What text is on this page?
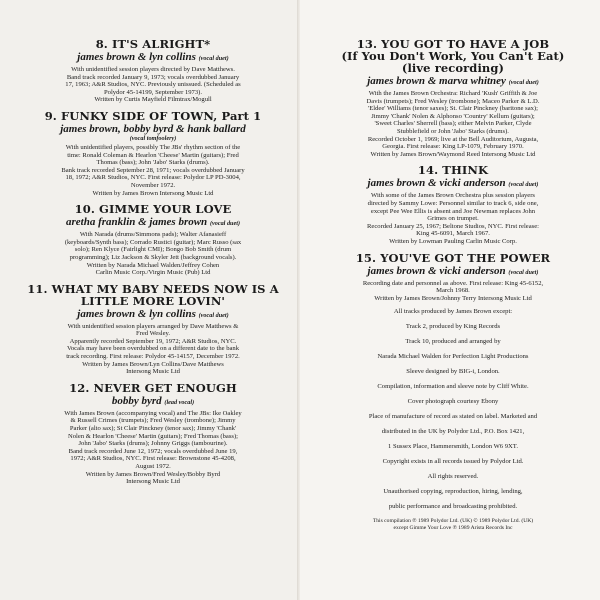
8. IT'S ALRIGHT*
james brown & lyn collins (vocal duet)

With unidentified session players directed by Dave Matthews.

Band track recorded January 9, 1973; vocals overdubbed January

17, 1963; A&R Studios, NYC. Previously unissued. (Scheduled as

Polydor 45-14199, September 1973).

Written by Curtis Mayfield Filmtrax/Mogull

9. FUNKY SIDE OF TOWN, Part 1
james brown, bobby byrd & hank ballard
(vocal tomfoolery)

With unidentified players, possibly The JBs' rhythm section of the

time: Ronald Coleman & Hearlon 'Cheese' Martin (guitars); Fred

Thomas (bass); John 'Jabo' Starks (drums).

Bank track recorded September 28, 1971; vocals overdubbed January

18, 1972; A&R Studios, NYC. First release: Polydor LP PD-3004,

November 1972.

Written by James Brown Intersong Music Ltd

10. GIMME YOUR LOVE
aretha franklin & james brown (vocal duet)

With Narada (drums/Simmons pads); Walter Afanasieff

(keyboards/Synth bass); Corrado Rustici (guitar); Marc Russo (sax

solo); Ren Klyce (Fairlight CMI); Bongo Bob Smith (drum

programming); Liz Jackson & Skyler Jett (background vocals).

Written by Narada Michael Walden/Jeffrey Cohen

Carlin Music Corp./Virgin Music (Pub) Ltd

11. WHAT MY BABY NEEDS NOW IS A LITTLE MORE LOVIN'
james brown & lyn collins (vocal duet)

With unidentified session players arranged by Dave Matthews &

Fred Wesley.

Apparently recorded September 19, 1972; A&R Studios, NYC.

Vocals may have been overdubbed on a different date to the bank

track recording. First release: Polydor 45-14157, December 1972.

Written by James Brown/Lyn Collins/Dave Matthews

Intersong Music Ltd

12. NEVER GET ENOUGH
bobby byrd (lead vocal)

With James Brown (accompanying vocal) and The JBs: Ike Oakley

& Russell Crimes (trumpets); Fred Wesley (trombone); Jimmy

Parker (alto sax); St Clair Pinckney (tenor sax); Jimmy 'Chank'

Nolen & Hearlon 'Cheese' Martin (guitars); Fred Thomas (bass);

John 'Jabo' Starks (drums); Johnny Griggs (tambourine).

Band track recorded June 12, 1972; vocals overdubbed June 19,

1972; A&R Studios, NYC. First release: Brownstone 45-4208,

August 1972.

Written by James Brown/Fred Wesley/Bobby Byrd

Intersong Music Ltd

13. YOU GOT TO HAVE A JOB
(If You Don't Work, You Can't Eat)
(live recording)
james brown & marva whitney (vocal duet)

With the James Brown Orchestra: Richard 'Kush' Griffith & Joe

Davis (trumpets); Fred Wesley (trombone); Maceo Parker & L.D.

'Eldee' Williams (tenor saxes); St. Clair Pinckney (baritone sax);

Jimmy 'Chank' Nolen & Alphonso 'Country' Kellum (guitars);

'Sweet Charles' Sherrell (bass); either Melvin Parker, Clyde

Stubblefield or John 'Jabo' Starks (drums).

Recorded October 1, 1969; live at the Bell Auditorium, Augusta,

Georgia. First release: King LP-1079, February 1970.

Written by James Brown/Waymond Reed Intersong Music Ltd

14. THINK
james brown & vicki anderson (vocal duet)

With some of the James Brown Orchestra plus session players

directed by Sammy Lowe: Personnel similar to track 6, side one,

except Pee Wee Ellis is absent and Joe Newman replaces John

Grimes on trumpet.

Recorded January 25, 1967; Beltone Studios, NYC. First release:

King 45-6091, March 1967.

Written by Lowman Pauling Carlin Music Corp.

15. YOU'VE GOT THE POWER
james brown & vicki anderson (vocal duet)

Recording date and personnel as above. First release: King 45-6152,

March 1968.

Written by James Brown/Johnny Terry Intersong Music Ltd

All tracks produced by James Brown except:

Track 2, produced by King Records

Track 10, produced and arranged by

Narada Michael Walden for Perfection Light Productions

Sleeve designed by BIG-i, London.

Compilation, information and sleeve note by Cliff White.

Cover photograph courtesy Ebony

Place of manufacture of record as stated on label. Marketed and

distributed in the UK by Polydor Ltd., P.O. Box 1421,

1 Sussex Place, Hammersmith, London W6 9XT.

Copyright exists in all records issued by Polydor Ltd.

All rights reserved.

Unauthorised copying, reproduction, hiring, lending,

public performance and broadcasting prohibited.

This compilation ℗ 1989 Polydor Ltd. (UK) © 1989 Polydor Ltd. (UK)

except Gimme Your Love ℗ 1989 Arista Records Inc
